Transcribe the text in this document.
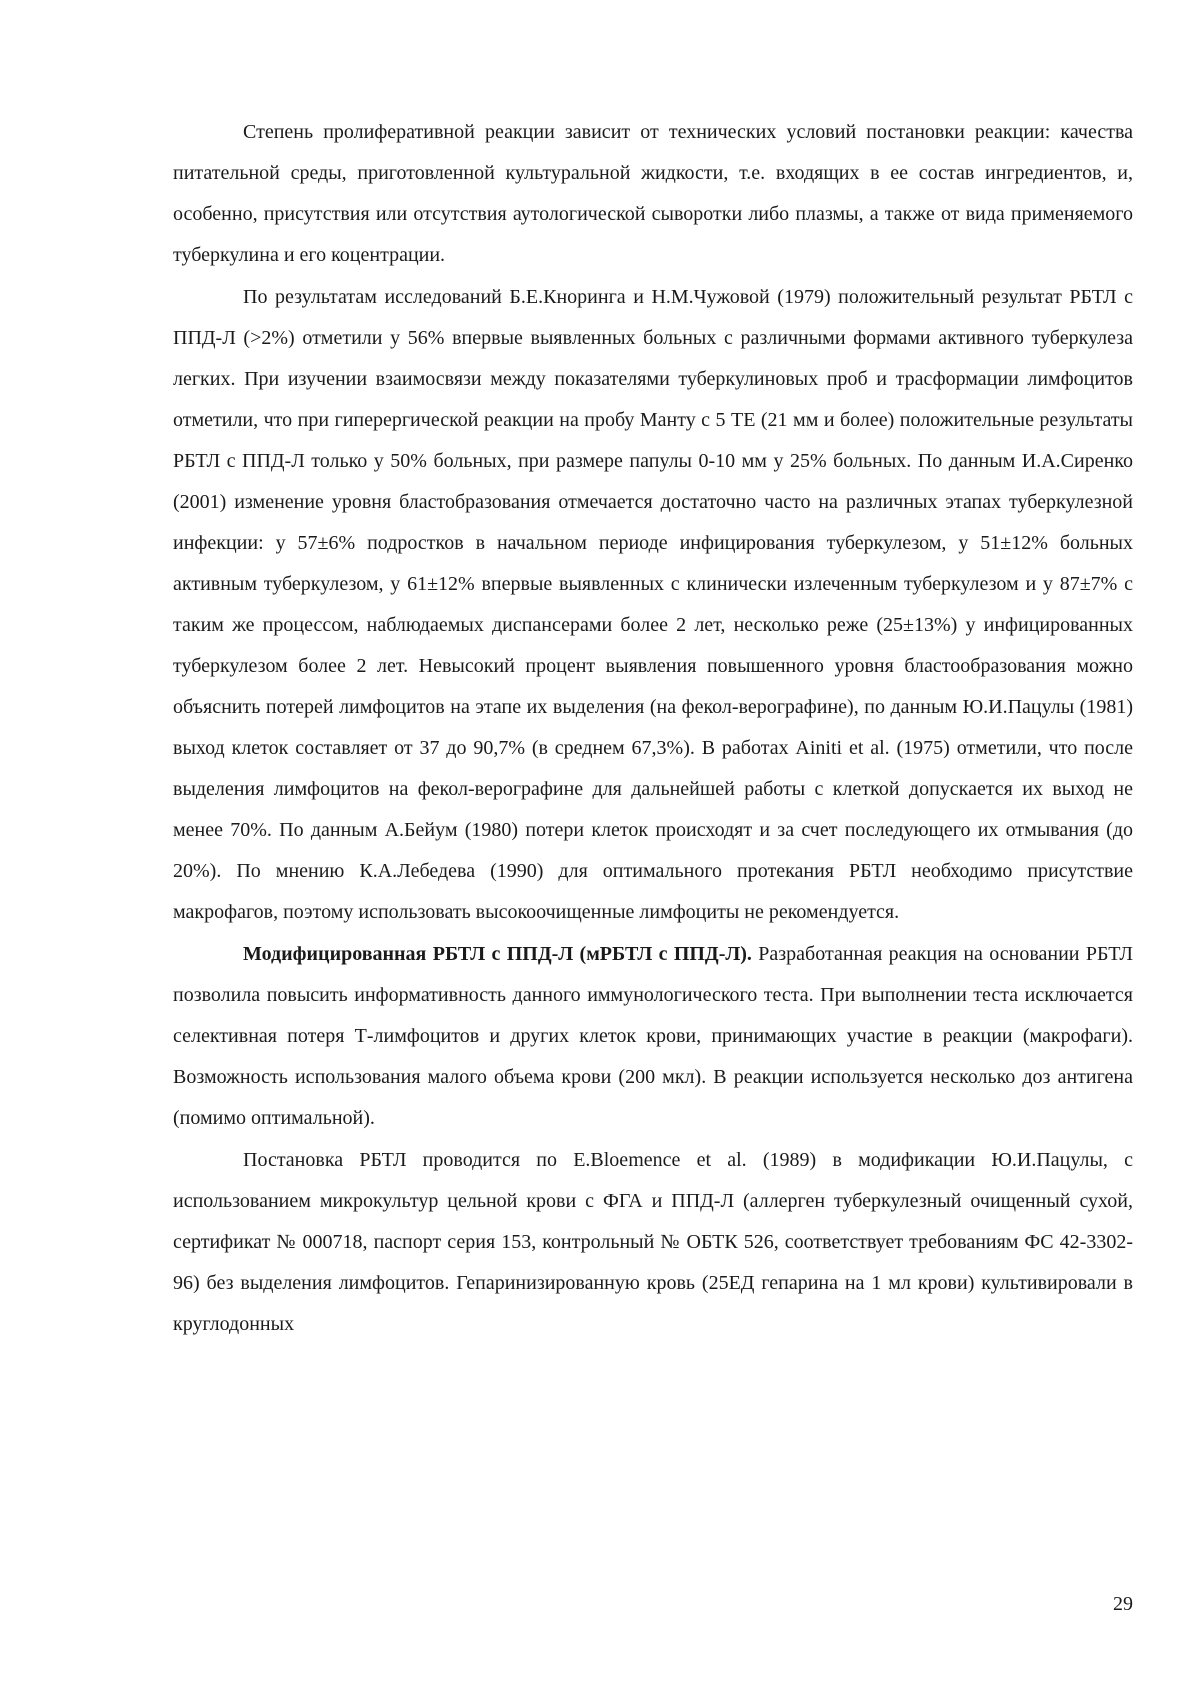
Степень пролиферативной реакции зависит от технических условий постановки реакции: качества питательной среды, приготовленной культуральной жидкости, т.е. входящих в ее состав ингредиентов, и, особенно, присутствия или отсутствия аутологической сыворотки либо плазмы, а также от вида применяемого туберкулина и его коцентрации.

По результатам исследований Б.Е.Кноринга и Н.М.Чужовой (1979) положительный результат РБТЛ с ППД-Л (>2%) отметили у 56% впервые выявленных больных с различными формами активного туберкулеза легких. При изучении взаимосвязи между показателями туберкулиновых проб и трасформации лимфоцитов отметили, что при гиперергической реакции на пробу Манту с 5 ТЕ (21 мм и более) положительные результаты РБТЛ с ППД-Л только у 50% больных, при размере папулы 0-10 мм у 25% больных. По данным И.А.Сиренко (2001) изменение уровня бластобразования отмечается достаточно часто на различных этапах туберкулезной инфекции: у 57±6% подростков в начальном периоде инфицирования туберкулезом, у 51±12% больных активным туберкулезом, у 61±12% впервые выявленных с клинически излеченным туберкулезом и у 87±7% с таким же процессом, наблюдаемых диспансерами более 2 лет, несколько реже (25±13%) у инфицированных туберкулезом более 2 лет. Невысокий процент выявления повышенного уровня бластообразования можно объяснить потерей лимфоцитов на этапе их выделения (на фекол-верографине), по данным Ю.И.Пацулы (1981) выход клеток составляет от 37 до 90,7% (в среднем 67,3%). В работах Ainiti et al. (1975) отметили, что после выделения лимфоцитов на фекол-верографине для дальнейшей работы с клеткой допускается их выход не менее 70%. По данным А.Бейум (1980) потери клеток происходят и за счет последующего их отмывания (до 20%). По мнению К.А.Лебедева (1990) для оптимального протекания РБТЛ необходимо присутствие макрофагов, поэтому использовать высокоочищенные лимфоциты не рекомендуется.

Модифицированная РБТЛ с ППД-Л (мРБТЛ с ППД-Л). Разработанная реакция на основании РБТЛ позволила повысить информативность данного иммунологического теста. При выполнении теста исключается селективная потеря Т-лимфоцитов и других клеток крови, принимающих участие в реакции (макрофаги). Возможность использования малого объема крови (200 мкл). В реакции используется несколько доз антигена (помимо оптимальной).

Постановка РБТЛ проводится по E.Bloemence et al. (1989) в модификации Ю.И.Пацулы, с использованием микрокультур цельной крови с ФГА и ППД-Л (аллерген туберкулезный очищенный сухой, сертификат № 000718, паспорт серия 153, контрольный № ОБТК 526, соответствует требованиям ФС 42-3302-96) без выделения лимфоцитов. Гепаринизированную кровь (25ЕД гепарина на 1 мл крови) культивировали в круглодонных

29
